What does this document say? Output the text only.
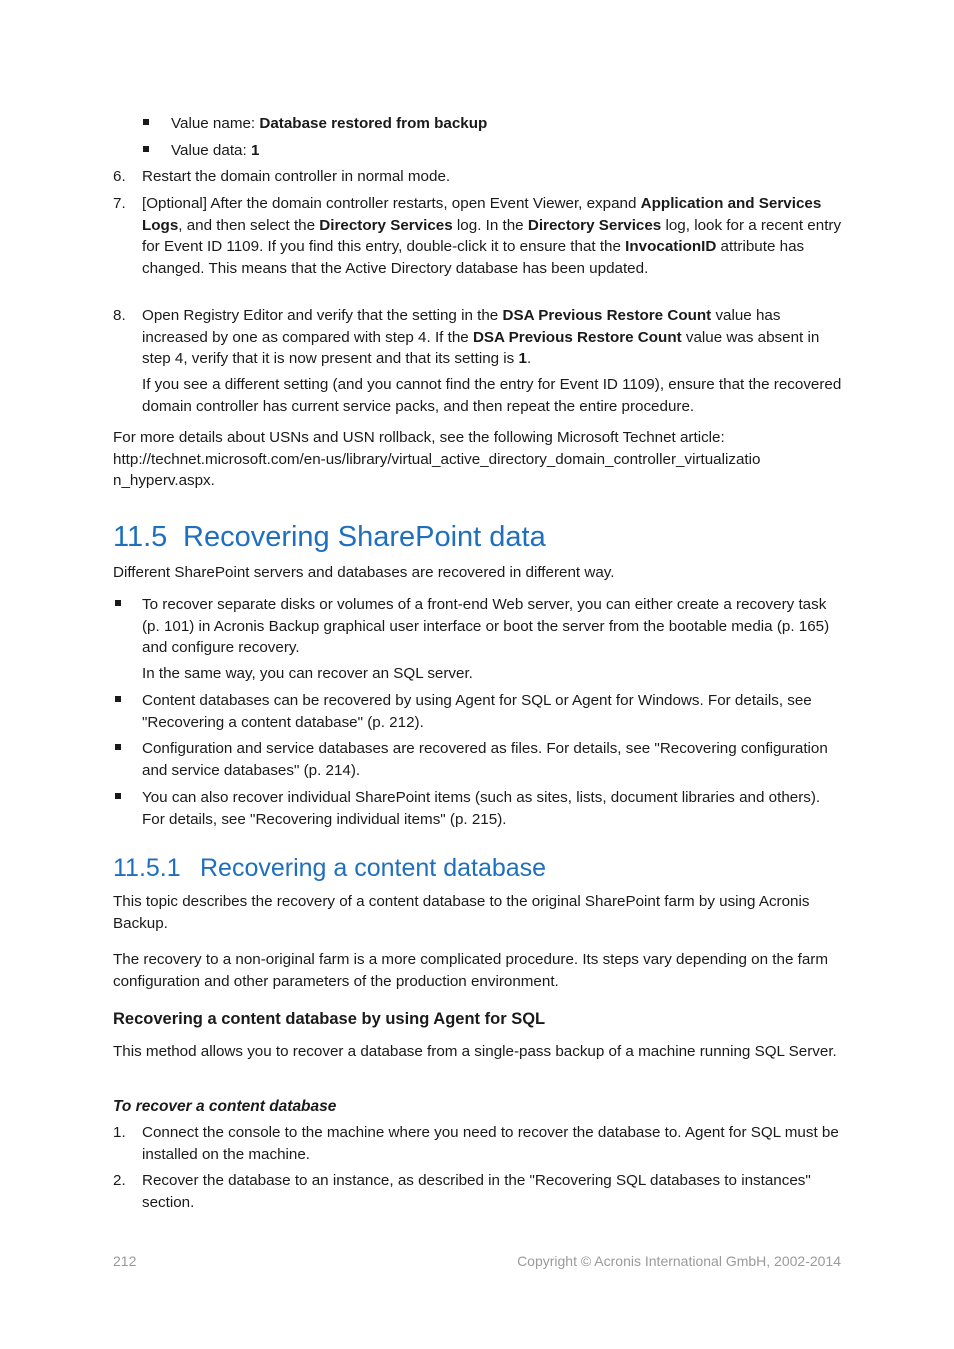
Value name: Database restored from backup

Value data: 1

6.	Restart the domain controller in normal mode.

7.	[Optional] After the domain controller restarts, open Event Viewer, expand Application and Services Logs, and then select the Directory Services log. In the Directory Services log, look for a recent entry for Event ID 1109. If you find this entry, double-click it to ensure that the InvocationID attribute has changed. This means that the Active Directory database has been updated.

8.	Open Registry Editor and verify that the setting in the DSA Previous Restore Count value has increased by one as compared with step 4. If the DSA Previous Restore Count value was absent in step 4, verify that it is now present and that its setting is 1.

If you see a different setting (and you cannot find the entry for Event ID 1109), ensure that the recovered domain controller has current service packs, and then repeat the entire procedure.

For more details about USNs and USN rollback, see the following Microsoft Technet article:

http://technet.microsoft.com/en-us/library/virtual_active_directory_domain_controller_virtualizatio

n_hyperv.aspx.

11.5 Recovering SharePoint data

Different SharePoint servers and databases are recovered in different way.

To recover separate disks or volumes of a front-end Web server, you can either create a recovery task (p. 101) in Acronis Backup graphical user interface or boot the server from the bootable media (p. 165) and configure recovery.

In the same way, you can recover an SQL server.

Content databases can be recovered by using Agent for SQL or Agent for Windows. For details, see "Recovering a content database" (p. 212).

Configuration and service databases are recovered as files. For details, see "Recovering configuration and service databases" (p. 214).

You can also recover individual SharePoint items (such as sites, lists, document libraries and others). For details, see "Recovering individual items" (p. 215).

11.5.1 Recovering a content database

This topic describes the recovery of a content database to the original SharePoint farm by using Acronis Backup.

The recovery to a non-original farm is a more complicated procedure. Its steps vary depending on the farm configuration and other parameters of the production environment.

Recovering a content database by using Agent for SQL

This method allows you to recover a database from a single-pass backup of a machine running SQL Server.

To recover a content database

1.	Connect the console to the machine where you need to recover the database to. Agent for SQL must be installed on the machine.

2.	Recover the database to an instance, as described in the "Recovering SQL databases to instances" section.

212	Copyright © Acronis International GmbH, 2002-2014
